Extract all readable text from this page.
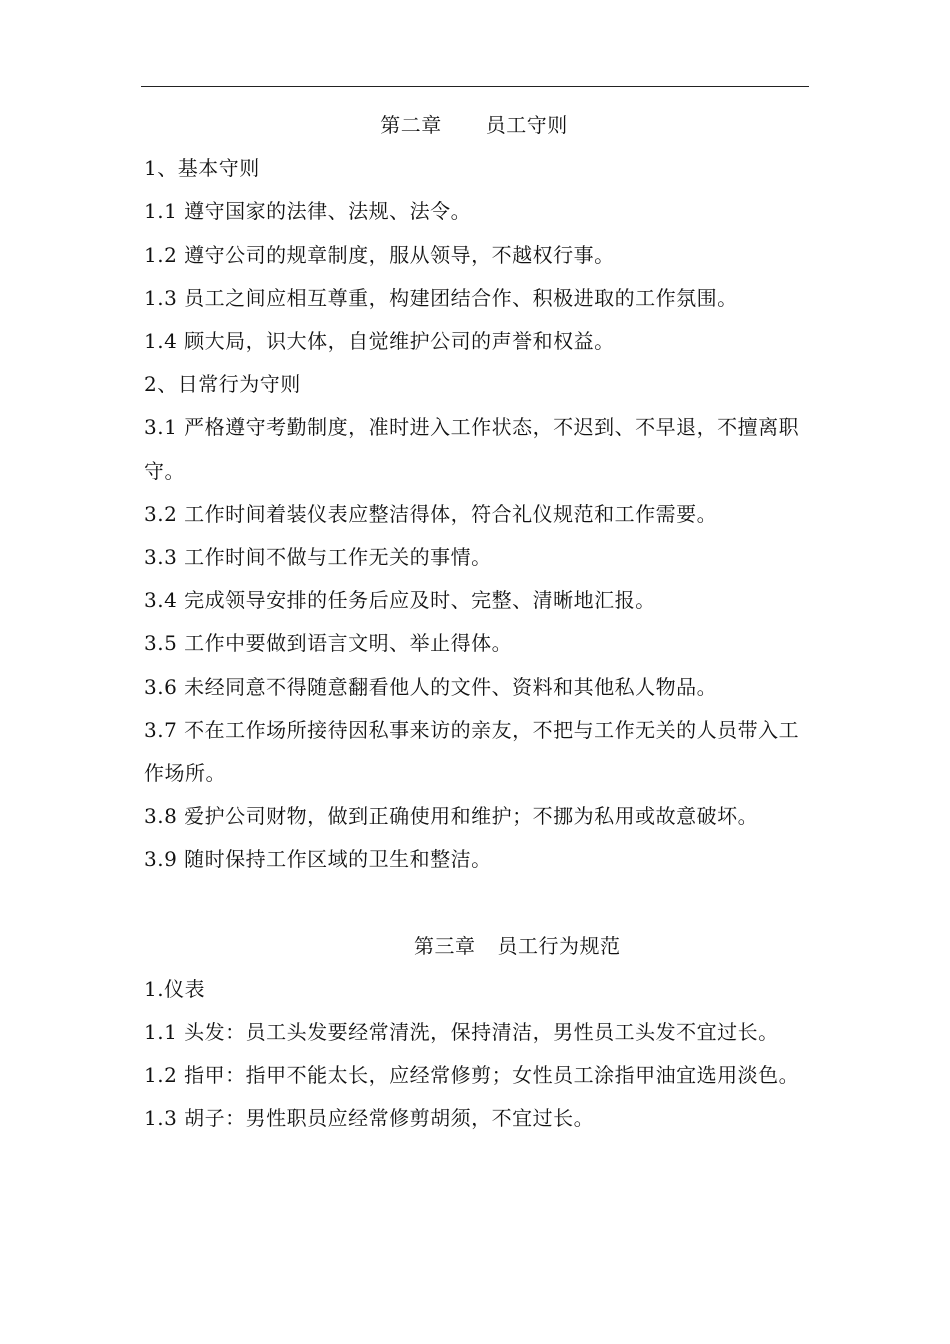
第二章 员工守则

1、基本守则

1.1 遵守国家的法律、法规、法令。

1.2 遵守公司的规章制度，服从领导，不越权行事。

1.3 员工之间应相互尊重，构建团结合作、积极进取的工作氛围。

1.4 顾大局，识大体，自觉维护公司的声誉和权益。

2、日常行为守则

3.1 严格遵守考勤制度，准时进入工作状态，不迟到、不早退，不擅离职守。

3.2 工作时间着装仪表应整洁得体，符合礼仪规范和工作需要。

3.3 工作时间不做与工作无关的事情。

3.4 完成领导安排的任务后应及时、完整、清晰地汇报。

3.5 工作中要做到语言文明、举止得体。

3.6 未经同意不得随意翻看他人的文件、资料和其他私人物品。

3.7 不在工作场所接待因私事来访的亲友，不把与工作无关的人员带入工作场所。

3.8 爱护公司财物，做到正确使用和维护；不挪为私用或故意破坏。

3.9 随时保持工作区域的卫生和整洁。

第三章 员工行为规范

1.仪表

1.1 头发：员工头发要经常清洗，保持清洁，男性员工头发不宜过长。

1.2 指甲：指甲不能太长，应经常修剪；女性员工涂指甲油宜选用淡色。

1.3 胡子：男性职员应经常修剪胡须，不宜过长。
